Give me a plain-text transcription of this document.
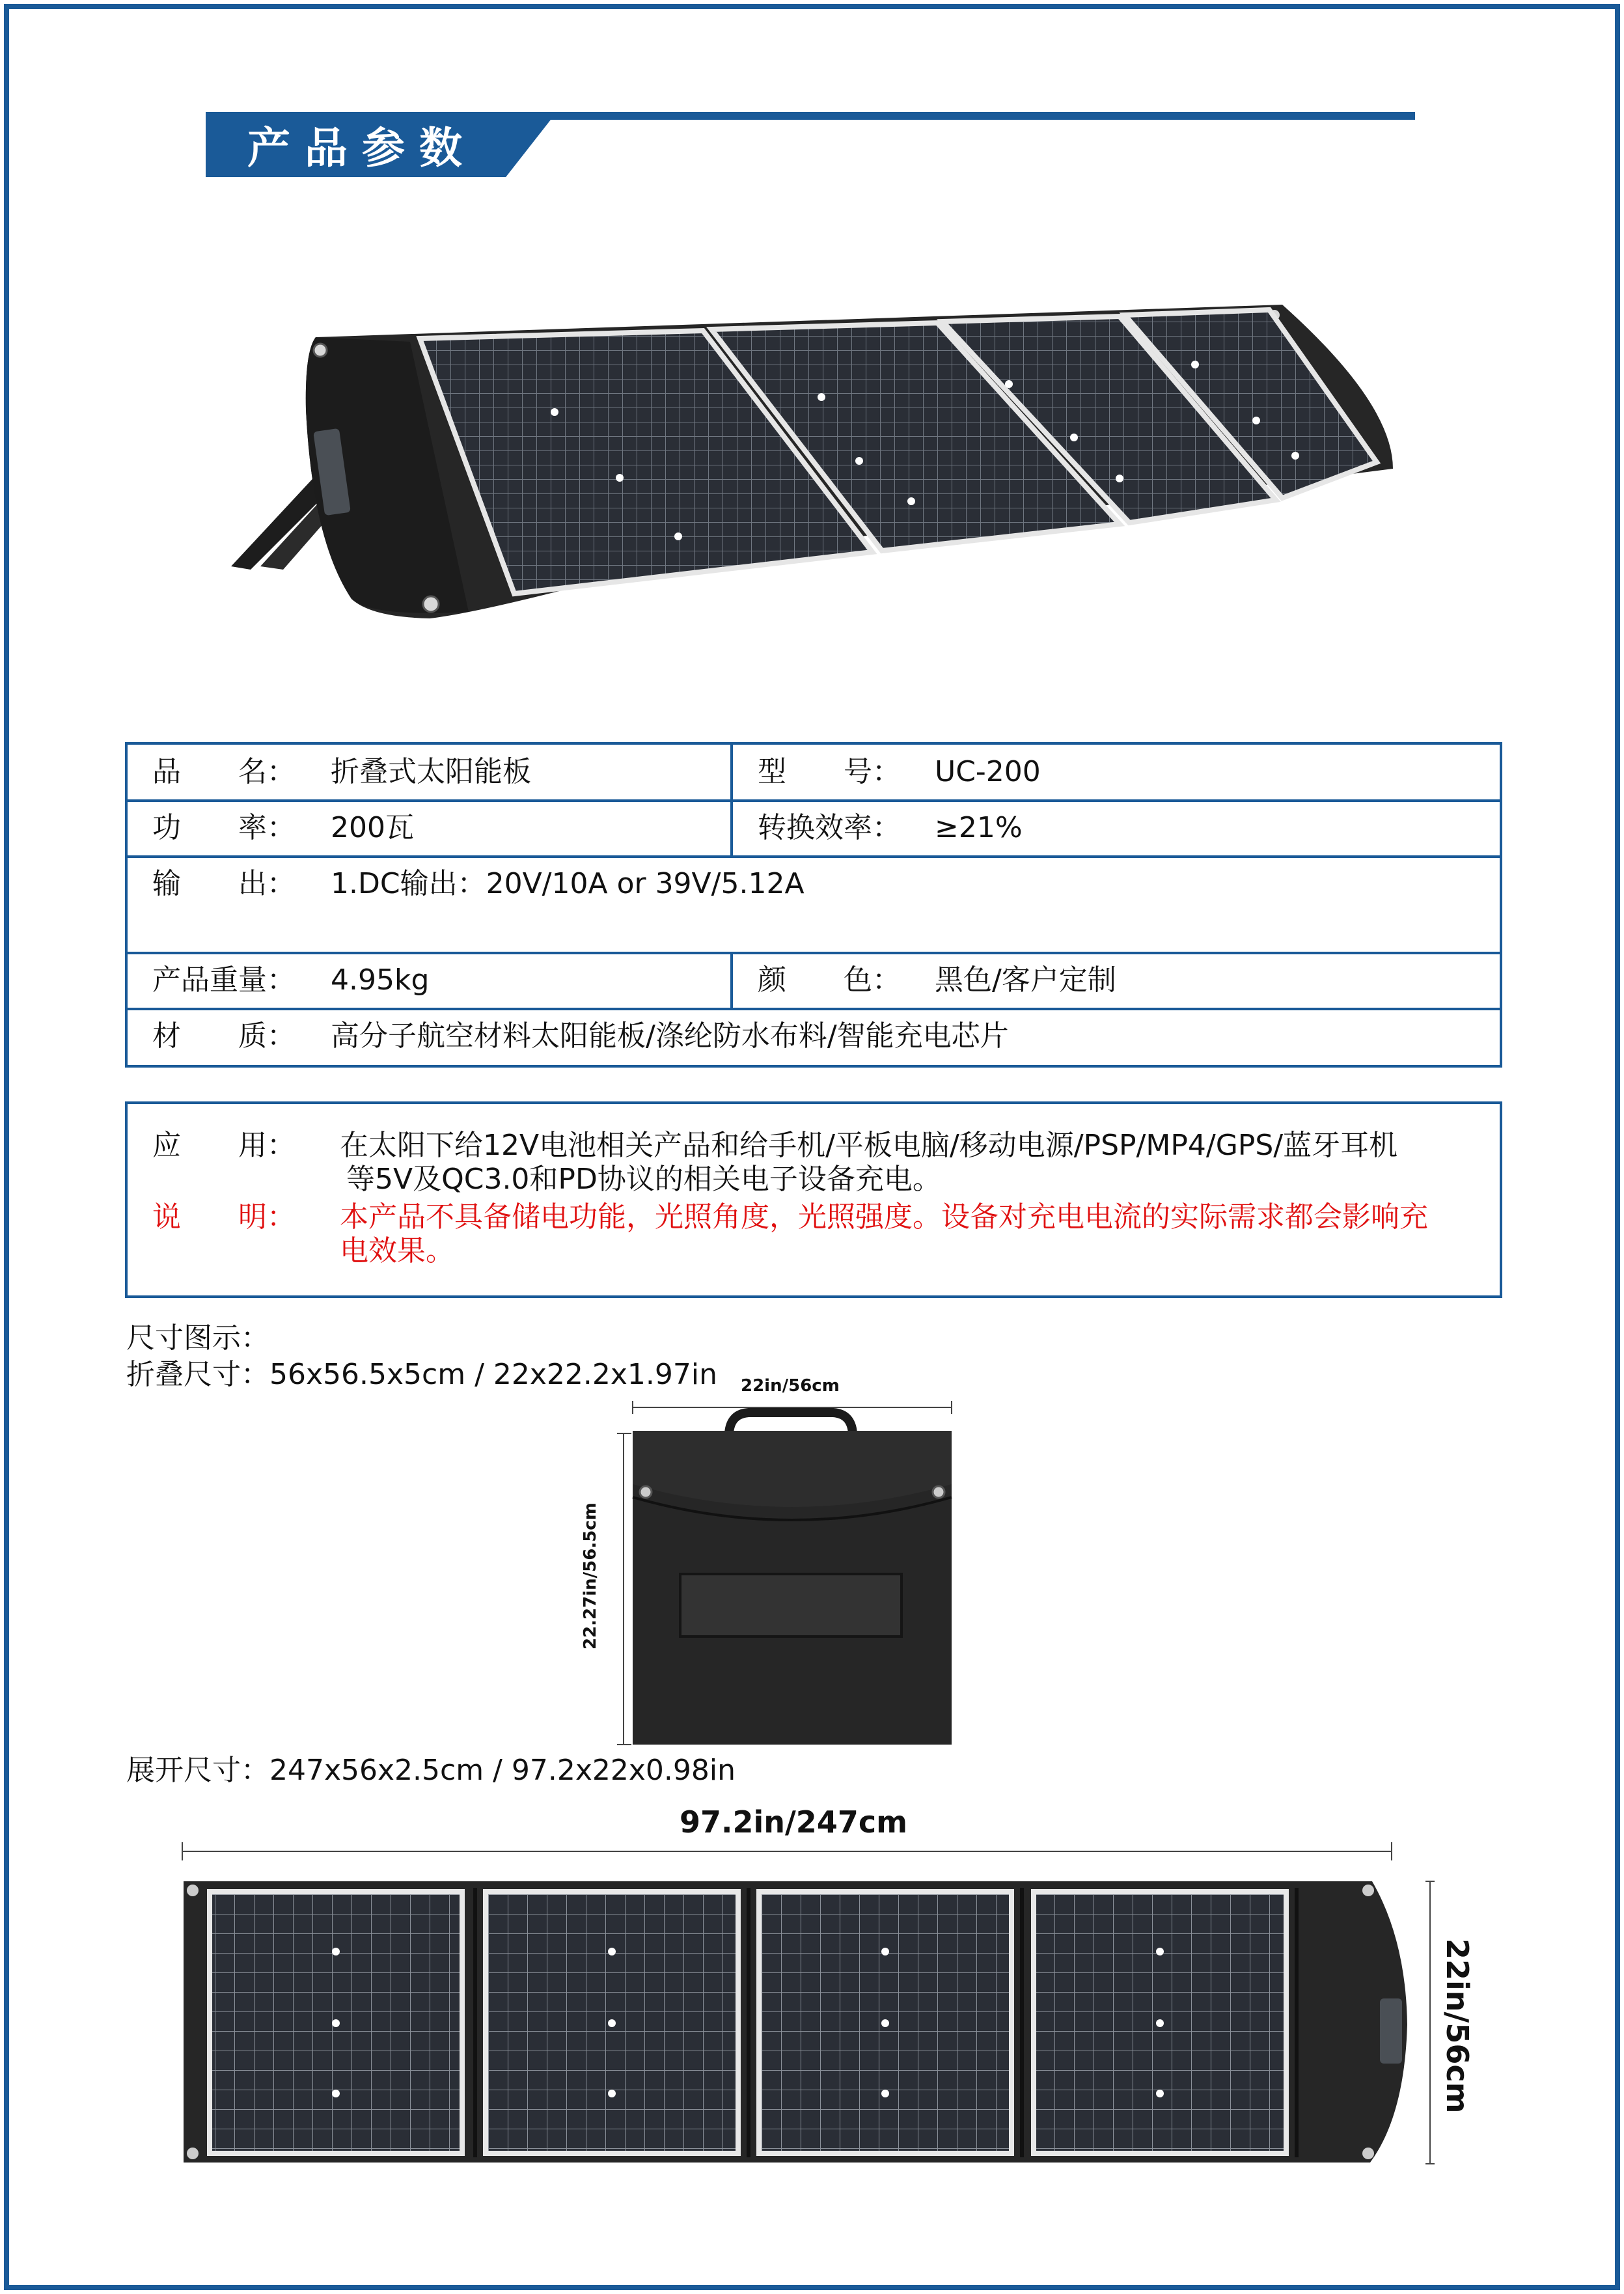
产品参数
品　　名： 折叠式太阳能板	型　　号： UC-200
功　　率： 200瓦	转换效率： ≥21%
输　　出： 1.DC输出：20V/10A or 39V/5.12A
产品重量： 4.95kg	颜　　色： 黑色/客户定制
材　　质： 高分子航空材料太阳能板/涤纶防水布料/智能充电芯片
应　　用： 在太阳下给12V电池相关产品和给手机/平板电脑/移动电源/PSP/MP4/GPS/蓝牙耳机
等5V及QC3.0和PD协议的相关电子设备充电。
说　　明： 本产品不具备储电功能，光照角度，光照强度。设备对充电电流的实际需求都会影响充
电效果。
尺寸图示：
折叠尺寸：56x56.5x5cm / 22x22.2x1.97in 22in/56cm
22.27in/56.5cm
展开尺寸：247x56x2.5cm / 97.2x22x0.98in
97.2in/247cm
22in/56cm
